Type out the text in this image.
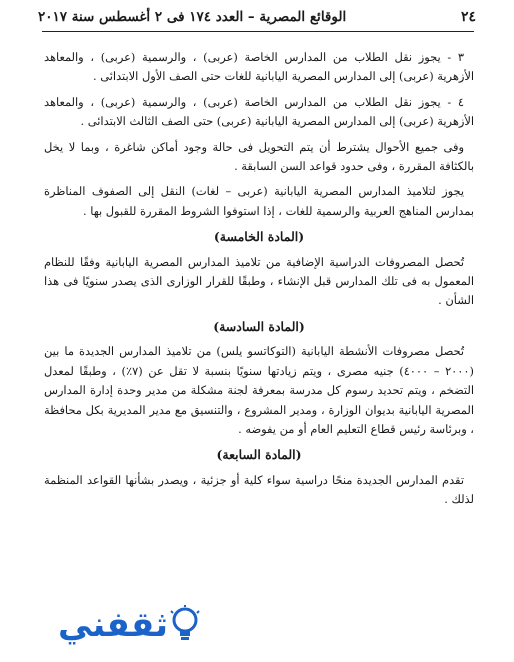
٢٤
الوقائع المصرية – العدد ١٧٤ فى ٢ أغسطس سنة ٢٠١٧

٣ - يجوز نقل الطلاب من المدارس الخاصة (عربى) ، والرسمية (عربى) ، والمعاهد الأزهرية (عربى) إلى المدارس المصرية اليابانية للغات حتى الصف الأول الابتدائى .

٤ - يجوز نقل الطلاب من المدارس الخاصة (عربى) ، والرسمية (عربى) ، والمعاهد الأزهرية (عربى) إلى المدارس المصرية اليابانية (عربى) حتى الصف الثالث الابتدائى .

وفى جميع الأحوال يشترط أن يتم التحويل فى حالة وجود أماكن شاغرة ، وبما لا يخل بالكثافة المقررة ، وفى حدود قواعد السن السابقة .

يجوز لتلاميذ المدارس المصرية اليابانية (عربى – لغات) النقل إلى الصفوف المناظرة بمدارس المناهج العربية والرسمية للغات ، إذا استوفوا الشروط المقررة للقبول بها .

(المادة الخامسة)

تُحصل المصروفات الدراسية الإضافية من تلاميذ المدارس المصرية اليابانية وفقًا للنظام المعمول به فى تلك المدارس قبل الإنشاء ، وطبقًا للقرار الوزارى الذى يصدر سنويًا فى هذا الشأن .

(المادة السادسة)

تُحصل مصروفات الأنشطة اليابانية (التوكاتسو يلس) من تلاميذ المدارس الجديدة ما بين (٢٠٠٠ – ٤٠٠٠) جنيه مصرى ، ويتم زيادتها سنويًا بنسبة لا تقل عن (٧٪) ، وطبقًا لمعدل التضخم ، ويتم تحديد رسوم كل مدرسة بمعرفة لجنة مشكلة من مدير وحدة إدارة المدارس المصرية اليابانية بديوان الوزارة ، ومدير المشروع ، والتنسيق مع مدير المديرية بكل محافظة ، وبرئاسة رئيس قطاع التعليم العام أو من يفوضه .

(المادة السابعة)

تقدم المدارس الجديدة منحًا دراسية سواء كلية أو جزئية ، ويصدر بشأنها القواعد المنظمة لذلك .

ثقفني
